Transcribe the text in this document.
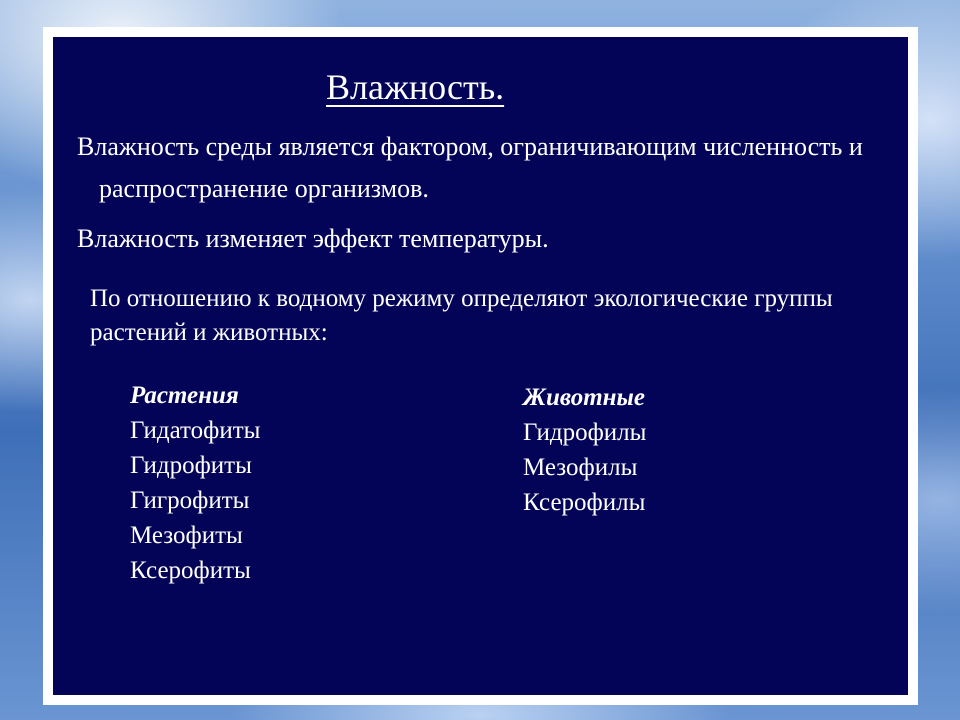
Влажность.

Влажность среды является фактором, ограничивающим численность и распространение организмов.

Влажность изменяет эффект температуры.

По отношению к водному режиму определяют экологические группы растений и животных:

Растения
Гидатофиты
Гидрофиты
Гигрофиты
Мезофиты
Ксерофиты
Животные
Гидрофилы
Мезофилы
Ксерофилы
